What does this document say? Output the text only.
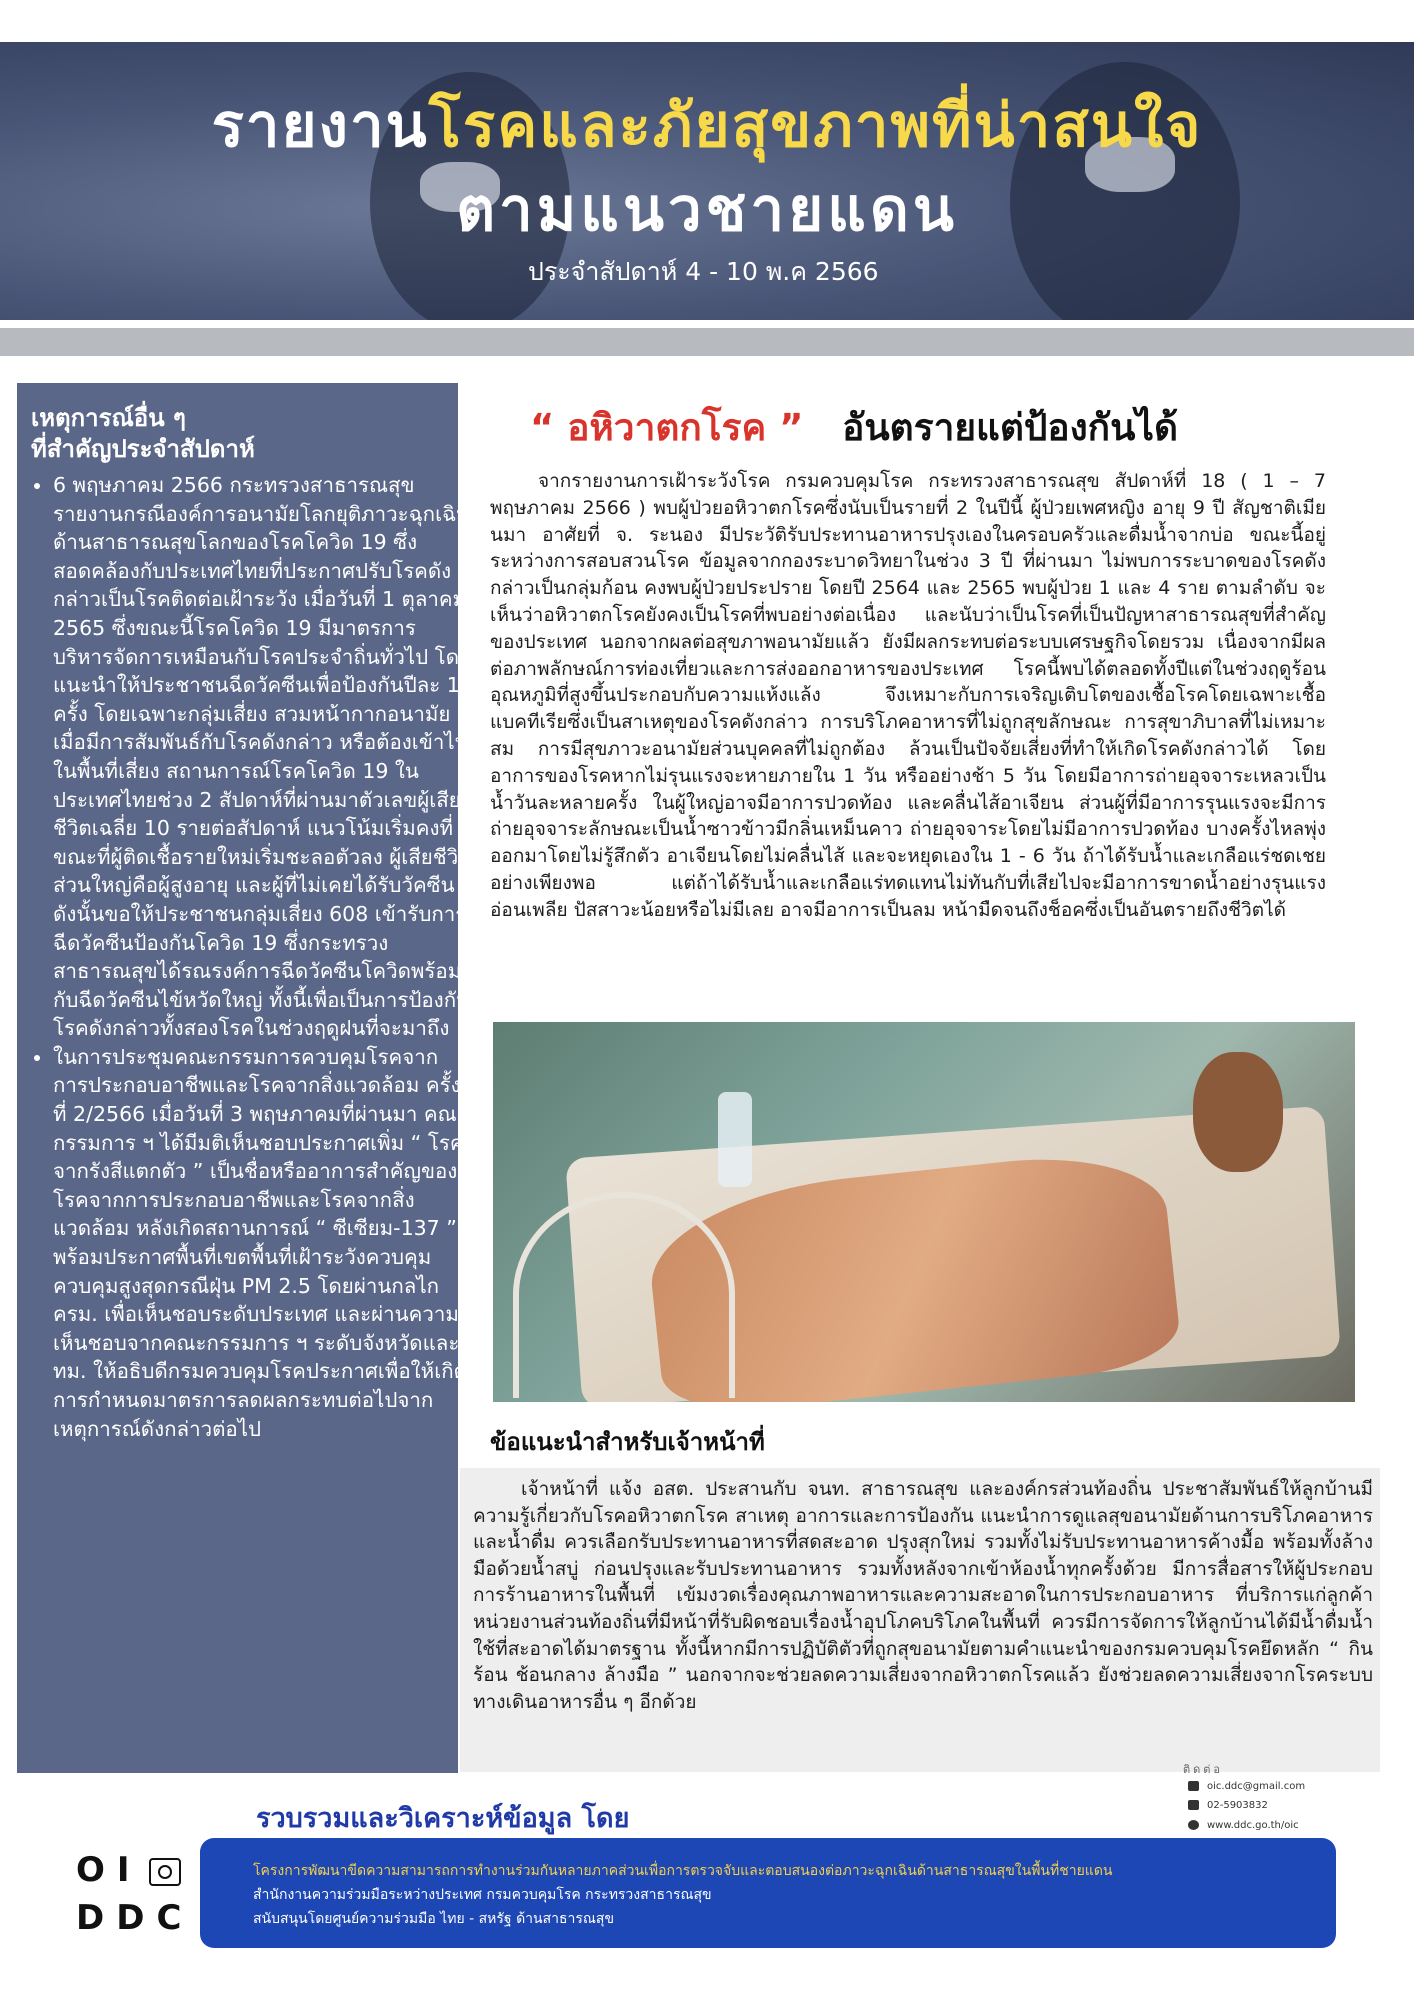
รายงานโรคและภัยสุขภาพที่น่าสนใจ
ตามแนวชายแดน
ประจำสัปดาห์ 4 - 10 พ.ค 2566
เหตุการณ์อื่น ๆ
ที่สำคัญประจำสัปดาห์
• 6 พฤษภาคม 2566 กระทรวงสาธารณสุข รายงานกรณีองค์การอนามัยโลกยุติภาวะฉุกเฉินด้านสาธารณสุขโลกของโรคโควิด 19 ซึ่งสอดคล้องกับประเทศไทยที่ประกาศปรับโรคดังกล่าวเป็นโรคติดต่อเฝ้าระวัง เมื่อวันที่ 1 ตุลาคม 2565 ซึ่งขณะนี้โรคโควิด 19 มีมาตรการบริหารจัดการเหมือนกับโรคประจำถิ่นทั่วไป โดยแนะนำให้ประชาชนฉีดวัคซีนเพื่อป้องกันปีละ 1 ครั้ง โดยเฉพาะกลุ่มเสี่ยง สวมหน้ากากอนามัยเมื่อมีการสัมพันธ์กับโรคดังกล่าว หรือต้องเข้าไปในพื้นที่เสี่ยง สถานการณ์โรคโควิด 19 ในประเทศไทยช่วง 2 สัปดาห์ที่ผ่านมาตัวเลขผู้เสียชีวิตเฉลี่ย 10 รายต่อสัปดาห์ แนวโน้มเริ่มคงที่ ขณะที่ผู้ติดเชื้อรายใหม่เริ่มชะลอตัวลง ผู้เสียชีวิตส่วนใหญ่คือผู้สูงอายุ และผู้ที่ไม่เคยได้รับวัคซีน ดังนั้นขอให้ประชาชนกลุ่มเสี่ยง 608 เข้ารับการฉีดวัคซีนป้องกันโควิด 19 ซึ่งกระทรวงสาธารณสุขได้รณรงค์การฉีดวัคซีนโควิดพร้อมกับฉีดวัคซีนไข้หวัดใหญ่ ทั้งนี้เพื่อเป็นการป้องกันโรคดังกล่าวทั้งสองโรคในช่วงฤดูฝนที่จะมาถึง
• ในการประชุมคณะกรรมการควบคุมโรคจากการประกอบอาชีพและโรคจากสิ่งแวดล้อม ครั้งที่ 2/2566 เมื่อวันที่ 3 พฤษภาคมที่ผ่านมา คณะกรรมการ ฯ ได้มีมติเห็นชอบประกาศเพิ่ม “ โรคจากรังสีแตกตัว ” เป็นชื่อหรืออาการสำคัญของโรคจากการประกอบอาชีพและโรคจากสิ่งแวดล้อม หลังเกิดสถานการณ์ “ ซีเซียม-137 ” พร้อมประกาศพื้นที่เขตพื้นที่เฝ้าระวังควบคุม ควบคุมสูงสุดกรณีฝุ่น PM 2.5 โดยผ่านกลไก ครม. เพื่อเห็นชอบระดับประเทศ และผ่านความเห็นชอบจากคณะกรรมการ ฯ ระดับจังหวัดและกทม. ให้อธิบดีกรมควบคุมโรคประกาศเพื่อให้เกิดการกำหนดมาตรการลดผลกระทบต่อไปจากเหตุการณ์ดังกล่าวต่อไป
“ อหิวาตกโรค ” อันตรายแต่ป้องกันได้

จากรายงานการเฝ้าระวังโรค กรมควบคุมโรค กระทรวงสาธารณสุข สัปดาห์ที่ 18 ( 1 – 7 พฤษภาคม 2566 ) พบผู้ป่วยอหิวาตกโรคซึ่งนับเป็นรายที่ 2 ในปีนี้ ผู้ป่วยเพศหญิง อายุ 9 ปี สัญชาติเมียนมา อาศัยที่ จ. ระนอง มีประวัติรับประทานอาหารปรุงเองในครอบครัวและดื่มน้ำจากบ่อ ขณะนี้อยู่ระหว่างการสอบสวนโรค ข้อมูลจากกองระบาดวิทยาในช่วง 3 ปี ที่ผ่านมา ไม่พบการระบาดของโรคดังกล่าวเป็นกลุ่มก้อน คงพบผู้ป่วยประปราย โดยปี 2564 และ 2565 พบผู้ป่วย 1 และ 4 ราย ตามลำดับ จะเห็นว่าอหิวาตกโรคยังคงเป็นโรคที่พบอย่างต่อเนื่อง และนับว่าเป็นโรคที่เป็นปัญหาสาธารณสุขที่สำคัญของประเทศ นอกจากผลต่อสุขภาพอนามัยแล้ว ยังมีผลกระทบต่อระบบเศรษฐกิจโดยรวม เนื่องจากมีผลต่อภาพลักษณ์การท่องเที่ยวและการส่งออกอาหารของประเทศ โรคนี้พบได้ตลอดทั้งปีแต่ในช่วงฤดูร้อนอุณหภูมิที่สูงขึ้นประกอบกับความแห้งแล้ง จึงเหมาะกับการเจริญเติบโตของเชื้อโรคโดยเฉพาะเชื้อแบคทีเรียซึ่งเป็นสาเหตุของโรคดังกล่าว การบริโภคอาหารที่ไม่ถูกสุขลักษณะ การสุขาภิบาลที่ไม่เหมาะสม การมีสุขภาวะอนามัยส่วนบุคคลที่ไม่ถูกต้อง ล้วนเป็นปัจจัยเสี่ยงที่ทำให้เกิดโรคดังกล่าวได้ โดยอาการของโรคหากไม่รุนแรงจะหายภายใน 1 วัน หรืออย่างช้า 5 วัน โดยมีอาการถ่ายอุจจาระเหลวเป็นน้ำวันละหลายครั้ง ในผู้ใหญ่อาจมีอาการปวดท้อง และคลื่นไส้อาเจียน ส่วนผู้ที่มีอาการรุนแรงจะมีการถ่ายอุจจาระลักษณะเป็นน้ำซาวข้าวมีกลิ่นเหม็นคาว ถ่ายอุจจาระโดยไม่มีอาการปวดท้อง บางครั้งไหลพุ่งออกมาโดยไม่รู้สึกตัว อาเจียนโดยไม่คลื่นไส้ และจะหยุดเองใน 1 - 6 วัน ถ้าได้รับน้ำและเกลือแร่ชดเชยอย่างเพียงพอ แต่ถ้าได้รับน้ำและเกลือแร่ทดแทนไม่ทันกับที่เสียไปจะมีอาการขาดน้ำอย่างรุนแรง อ่อนเพลีย ปัสสาวะน้อยหรือไม่มีเลย อาจมีอาการเป็นลม หน้ามืดจนถึงช็อคซึ่งเป็นอันตรายถึงชีวิตได้

ข้อแนะนำสำหรับเจ้าหน้าที่

เจ้าหน้าที่ แจ้ง อสต. ประสานกับ จนท. สาธารณสุข และองค์กรส่วนท้องถิ่น ประชาสัมพันธ์ให้ลูกบ้านมีความรู้เกี่ยวกับโรคอหิวาตกโรค สาเหตุ อาการและการป้องกัน แนะนำการดูแลสุขอนามัยด้านการบริโภคอาหารและน้ำดื่ม ควรเลือกรับประทานอาหารที่สดสะอาด ปรุงสุกใหม่ รวมทั้งไม่รับประทานอาหารค้างมื้อ พร้อมทั้งล้างมือด้วยน้ำสบู่ ก่อนปรุงและรับประทานอาหาร รวมทั้งหลังจากเข้าห้องน้ำทุกครั้งด้วย มีการสื่อสารให้ผู้ประกอบการร้านอาหารในพื้นที่ เข้มงวดเรื่องคุณภาพอาหารและความสะอาดในการประกอบอาหาร ที่บริการแก่ลูกค้า หน่วยงานส่วนท้องถิ่นที่มีหน้าที่รับผิดชอบเรื่องน้ำอุปโภคบริโภคในพื้นที่ ควรมีการจัดการให้ลูกบ้านได้มีน้ำดื่มน้ำใช้ที่สะอาดได้มาตรฐาน ทั้งนี้หากมีการปฏิบัติตัวที่ถูกสุขอนามัยตามคำแนะนำของกรมควบคุมโรคยึดหลัก “ กินร้อน ช้อนกลาง ล้างมือ ” นอกจากจะช่วยลดความเสี่ยงจากอหิวาตกโรคแล้ว ยังช่วยลดความเสี่ยงจากโรคระบบทางเดินอาหารอื่น ๆ อีกด้วย

ติดต่อ
oic.ddc@gmail.com
02-5903832
www.ddc.go.th/oic
รวบรวมและวิเคราะห์ข้อมูล โดย
OI
DDC
โครงการพัฒนาขีดความสามารถการทำงานร่วมกันหลายภาคส่วนเพื่อการตรวจจับและตอบสนองต่อภาวะฉุกเฉินด้านสาธารณสุขในพื้นที่ชายแดน
สำนักงานความร่วมมือระหว่างประเทศ กรมควบคุมโรค กระทรวงสาธารณสุข
สนับสนุนโดยศูนย์ความร่วมมือ ไทย - สหรัฐ ด้านสาธารณสุข
